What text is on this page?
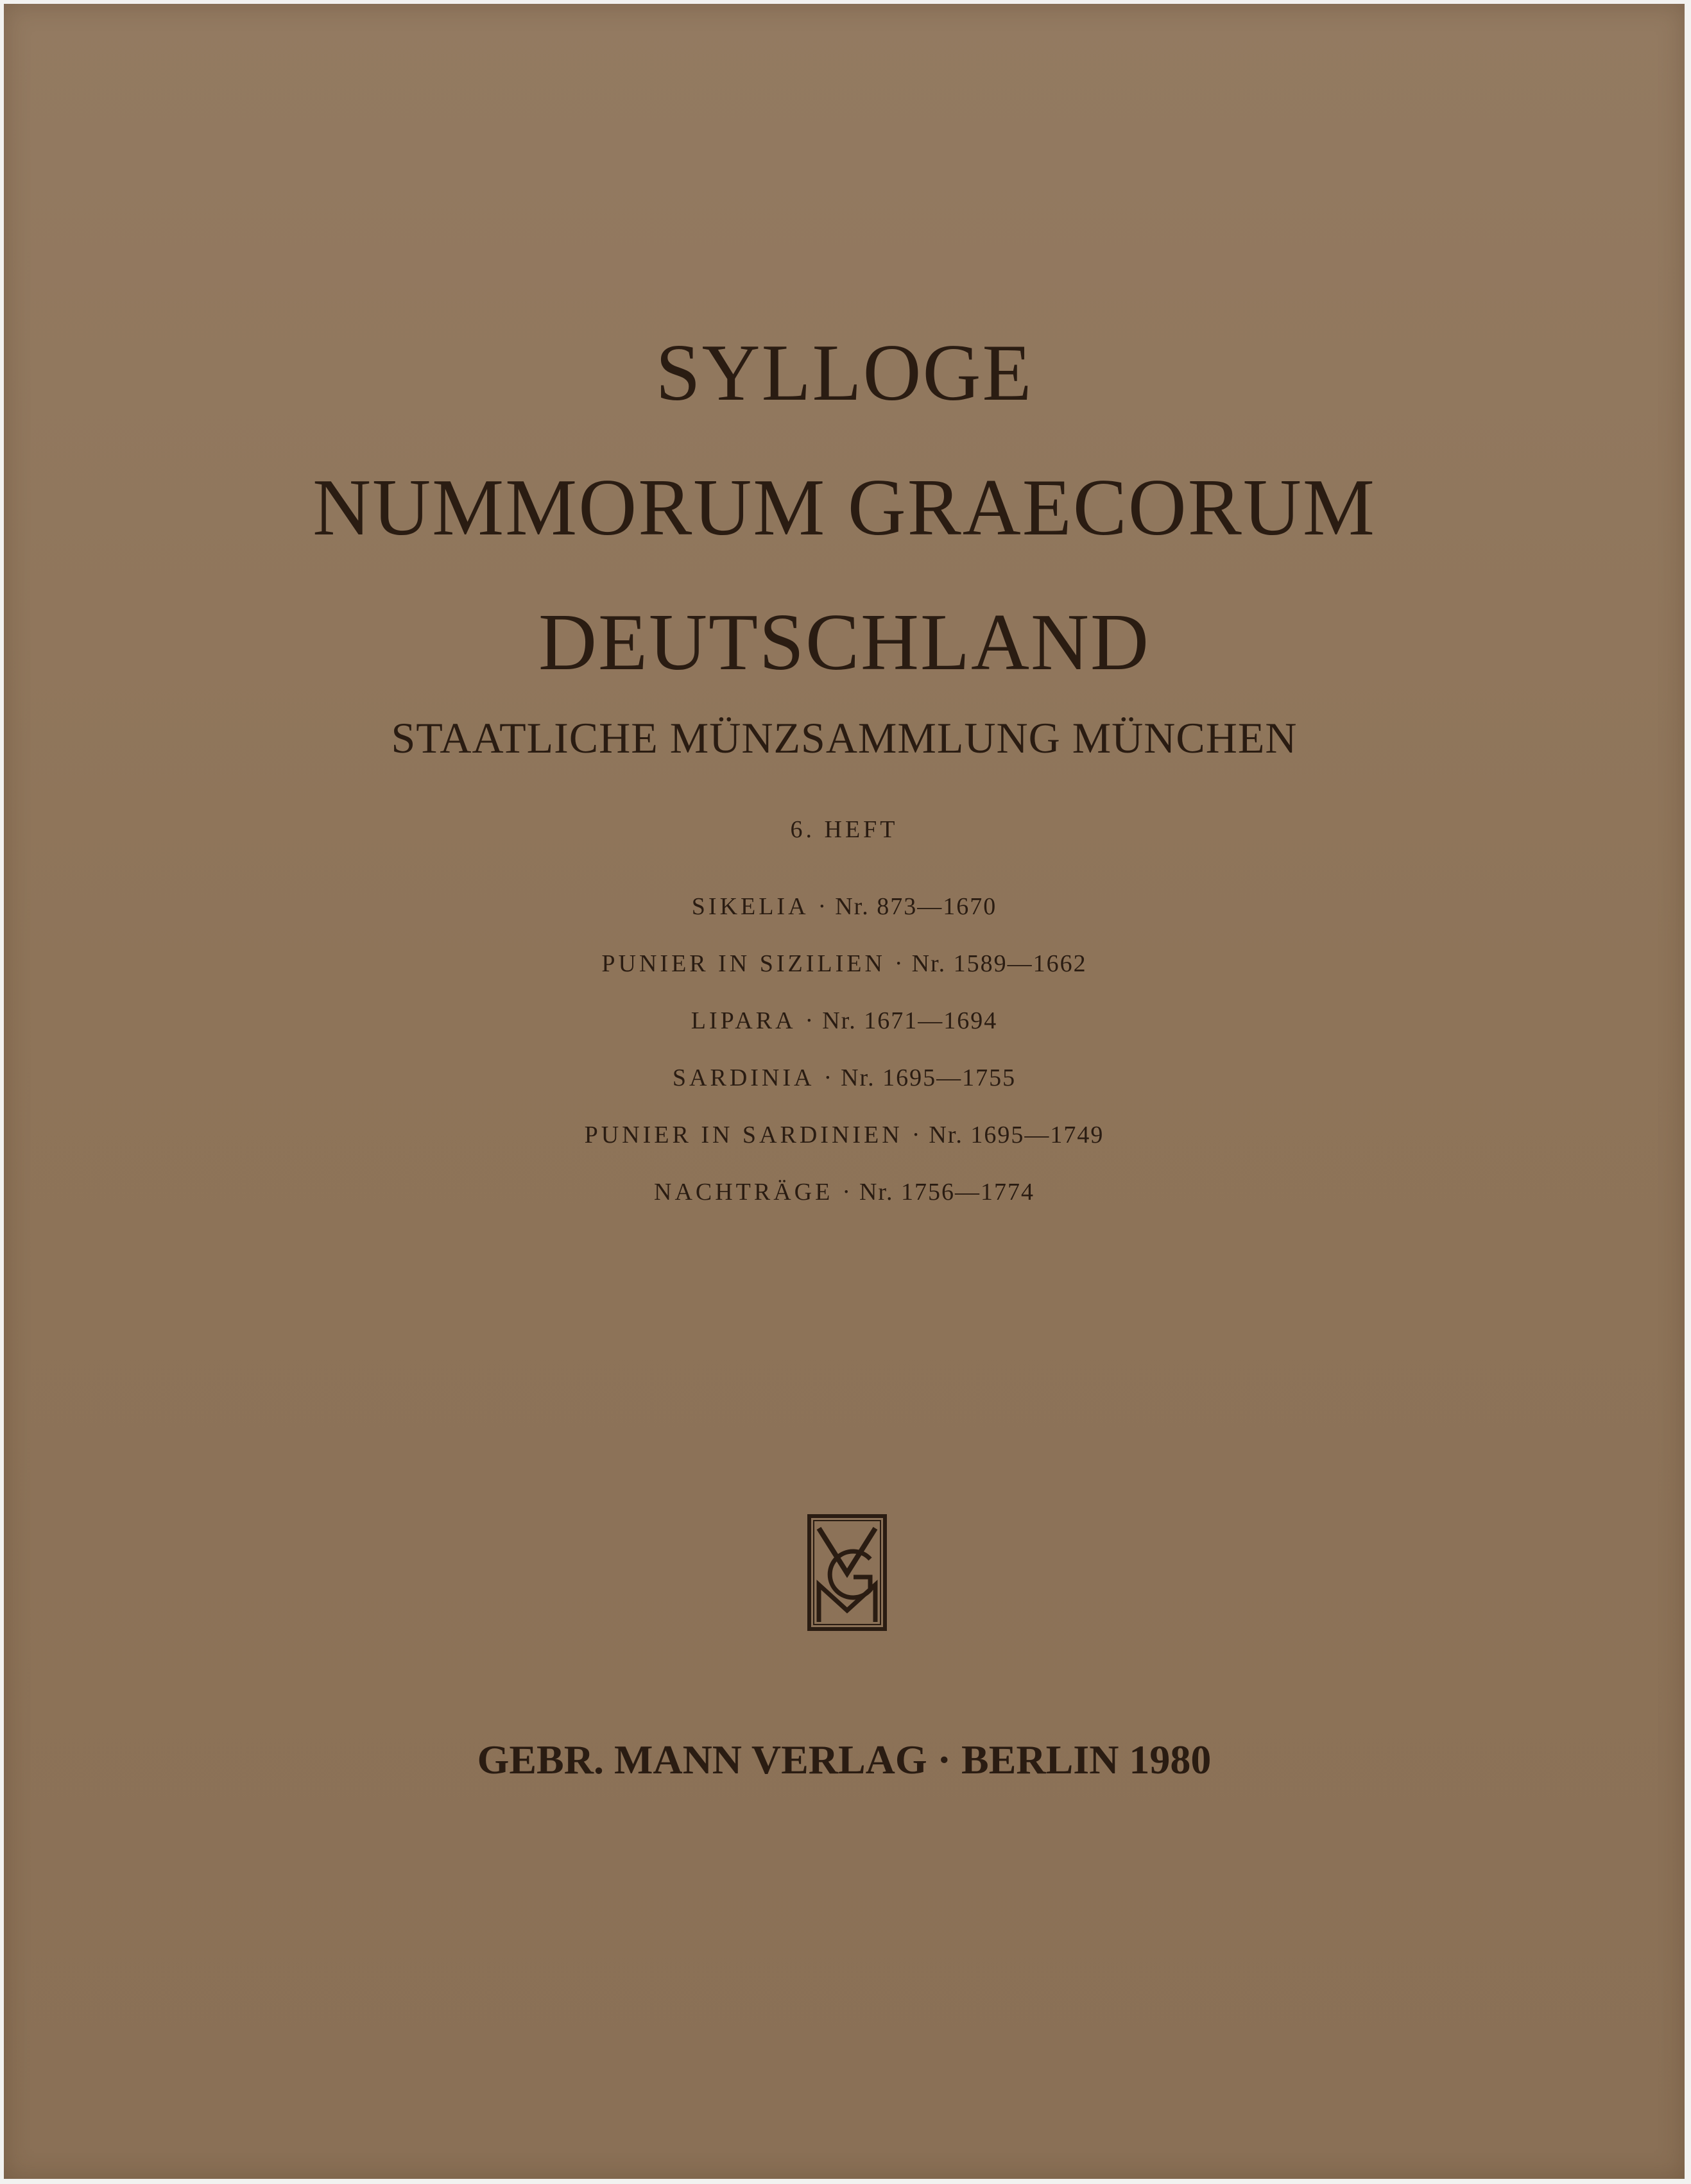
SYLLOGE
NUMMORUM GRAECORUM
DEUTSCHLAND
STAATLICHE MÜNZSAMMLUNG MÜNCHEN
6. HEFT
SIKELIA · Nr. 873—1670
PUNIER IN SIZILIEN · Nr. 1589—1662
LIPARA · Nr. 1671—1694
SARDINIA · Nr. 1695—1755
PUNIER IN SARDINIEN · Nr. 1695—1749
NACHTRÄGE · Nr. 1756—1774
GEBR. MANN VERLAG · BERLIN 1980
